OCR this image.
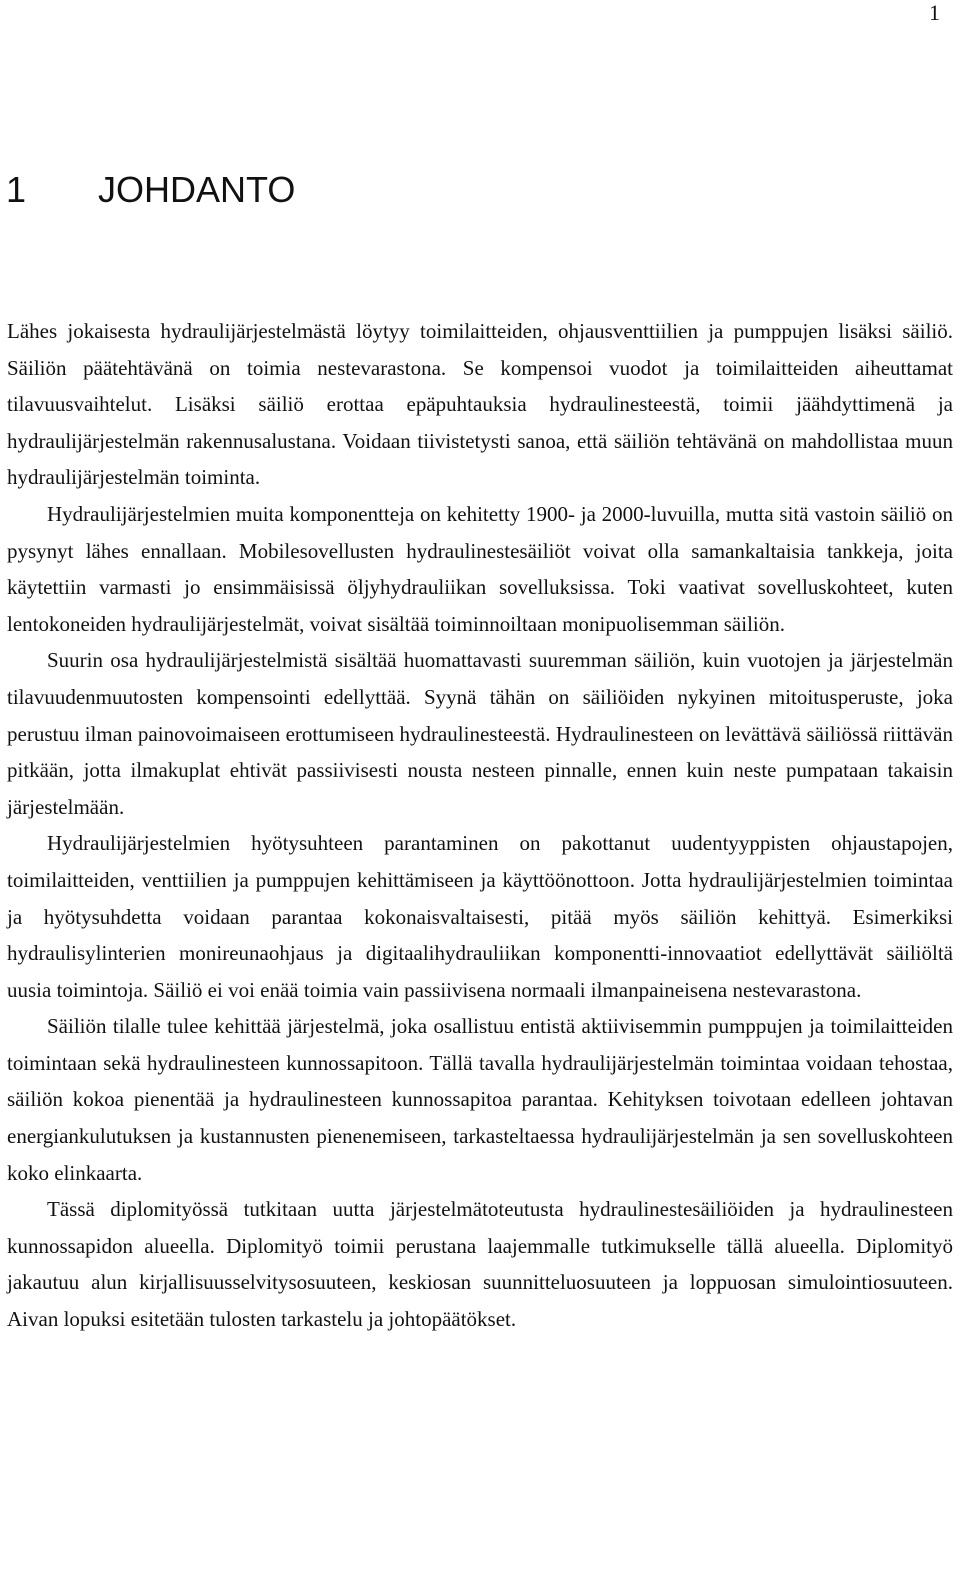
1
1 JOHDANTO

Lähes jokaisesta hydraulijärjestelmästä löytyy toimilaitteiden, ohjausventtiilien ja pumppujen lisäksi säiliö. Säiliön päätehtävänä on toimia nestevarastona. Se kompensoi vuodot ja toimilaitteiden aiheuttamat tilavuusvaihtelut. Lisäksi säiliö erottaa epäpuhtauksia hydraulinesteestä, toimii jäähdyttimenä ja hydraulijärjestelmän rakennusalustana. Voidaan tiivistetysti sanoa, että säiliön tehtävänä on mahdollistaa muun hydraulijärjestelmän toiminta.

Hydraulijärjestelmien muita komponentteja on kehitetty 1900- ja 2000-luvuilla, mutta sitä vastoin säiliö on pysynyt lähes ennallaan. Mobilesovellusten hydraulinestesäiliöt voivat olla samankaltaisia tankkeja, joita käytettiin varmasti jo ensimmäisissä öljyhydrauliikan sovelluksissa. Toki vaativat sovelluskohteet, kuten lentokoneiden hydraulijärjestelmät, voivat sisältää toiminnoiltaan monipuolisemman säiliön.

Suurin osa hydraulijärjestelmistä sisältää huomattavasti suuremman säiliön, kuin vuotojen ja järjestelmän tilavuudenmuutosten kompensointi edellyttää. Syynä tähän on säiliöiden nykyinen mitoitusperuste, joka perustuu ilman painovoimaiseen erottumiseen hydraulinesteestä. Hydraulinesteen on levättävä säiliössä riittävän pitkään, jotta ilmakuplat ehtivät passiivisesti nousta nesteen pinnalle, ennen kuin neste pumpataan takaisin järjestelmään.

Hydraulijärjestelmien hyötysuhteen parantaminen on pakottanut uudentyyppisten ohjaustapojen, toimilaitteiden, venttiilien ja pumppujen kehittämiseen ja käyttöönottoon. Jotta hydraulijärjestelmien toimintaa ja hyötysuhdetta voidaan parantaa kokonaisvaltaisesti, pitää myös säiliön kehittyä. Esimerkiksi hydraulisylinterien monireunaohjaus ja digitaalihydrauliikan komponentti-innovaatiot edellyttävät säiliöltä uusia toimintoja. Säiliö ei voi enää toimia vain passiivisena normaali ilmanpaineisena nestevarastona.

Säiliön tilalle tulee kehittää järjestelmä, joka osallistuu entistä aktiivisemmin pumppujen ja toimilaitteiden toimintaan sekä hydraulinesteen kunnossapitoon. Tällä tavalla hydraulijärjestelmän toimintaa voidaan tehostaa, säiliön kokoa pienentää ja hydraulinesteen kunnossapitoa parantaa. Kehityksen toivotaan edelleen johtavan energiankulutuksen ja kustannusten pienenemiseen, tarkasteltaessa hydraulijärjestelmän ja sen sovelluskohteen koko elinkaarta.

Tässä diplomityössä tutkitaan uutta järjestelmätoteutusta hydraulinestesäiliöiden ja hydraulinesteen kunnossapidon alueella. Diplomityö toimii perustana laajemmalle tutkimukselle tällä alueella. Diplomityö jakautuu alun kirjallisuusselvitysosuuteen, keskiosan suunnitteluosuuteen ja loppuosan simulointiosuuteen. Aivan lopuksi esitetään tulosten tarkastelu ja johtopäätökset.
